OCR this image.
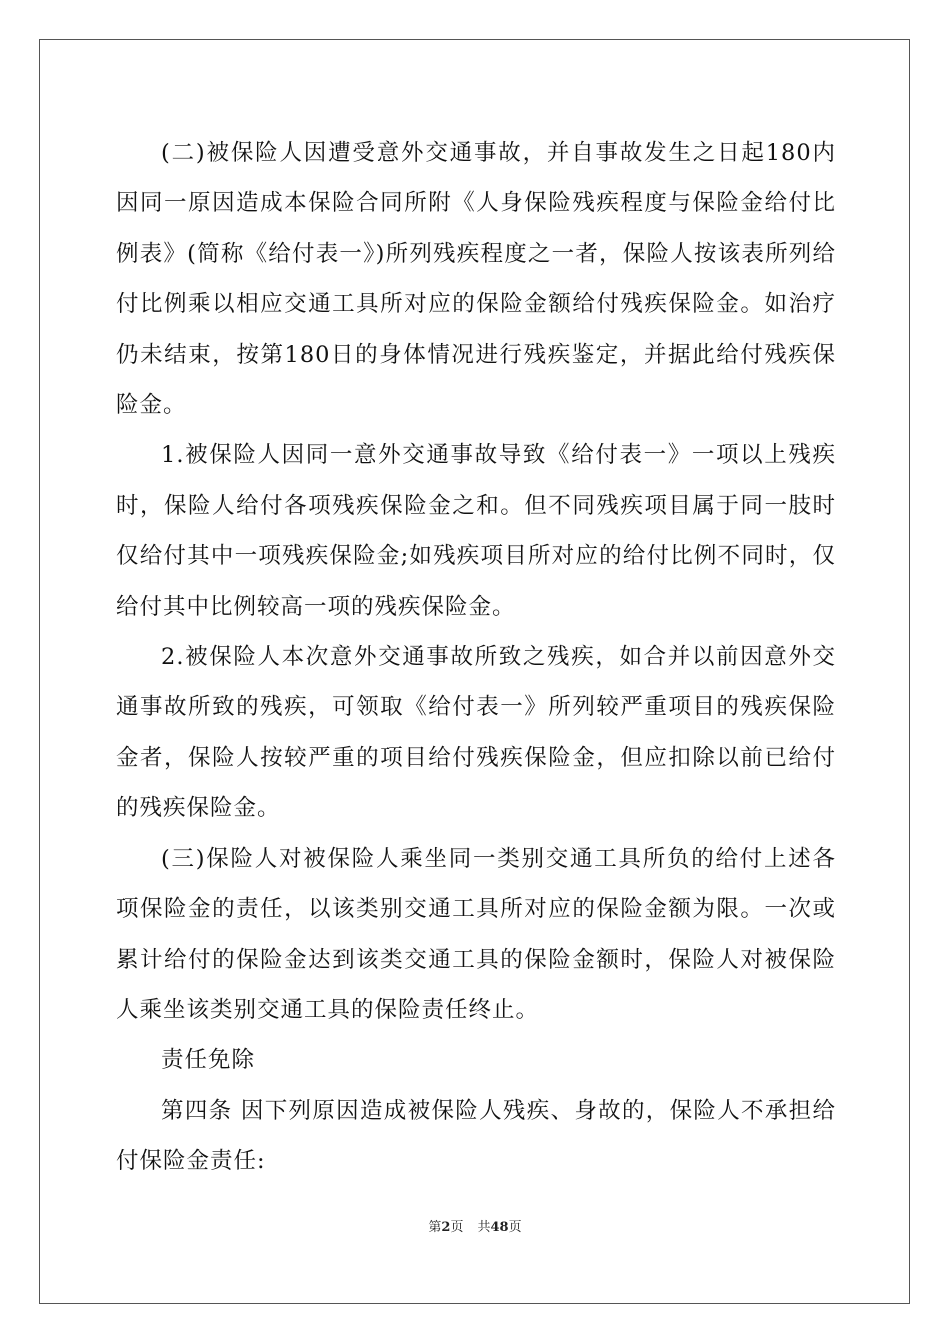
(二)被保险人因遭受意外交通事故，并自事故发生之日起180内因同一原因造成本保险合同所附《人身保险残疾程度与保险金给付比例表》(简称《给付表一》)所列残疾程度之一者，保险人按该表所列给付比例乘以相应交通工具所对应的保险金额给付残疾保险金。如治疗仍未结束，按第180日的身体情况进行残疾鉴定，并据此给付残疾保险金。

1.被保险人因同一意外交通事故导致《给付表一》一项以上残疾时，保险人给付各项残疾保险金之和。但不同残疾项目属于同一肢时仅给付其中一项残疾保险金;如残疾项目所对应的给付比例不同时，仅给付其中比例较高一项的残疾保险金。

2.被保险人本次意外交通事故所致之残疾，如合并以前因意外交通事故所致的残疾，可领取《给付表一》所列较严重项目的残疾保险金者，保险人按较严重的项目给付残疾保险金，但应扣除以前已给付的残疾保险金。

(三)保险人对被保险人乘坐同一类别交通工具所负的给付上述各项保险金的责任，以该类别交通工具所对应的保险金额为限。一次或累计给付的保险金达到该类交通工具的保险金额时，保险人对被保险人乘坐该类别交通工具的保险责任终止。

责任免除

第四条 因下列原因造成被保险人残疾、身故的，保险人不承担给付保险金责任:

第2页 共48页
